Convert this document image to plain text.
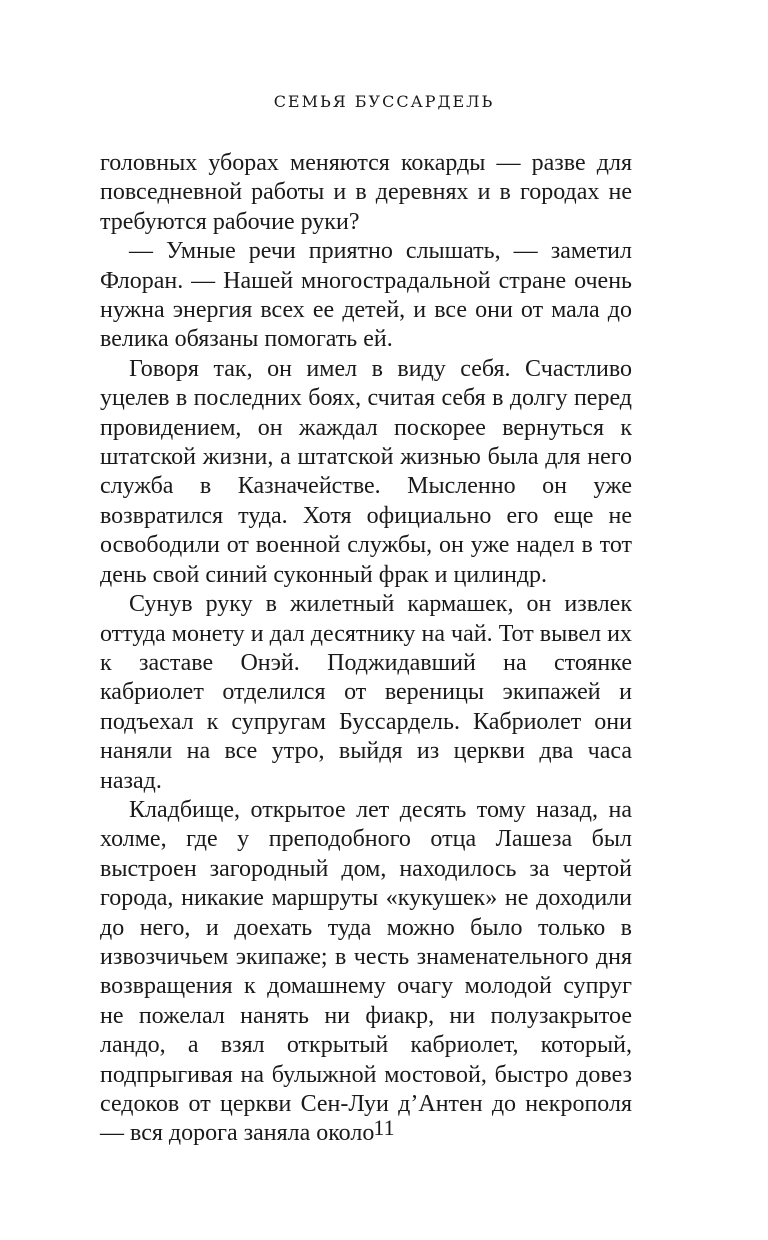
СЕМЬЯ БУССАРДЕЛЬ

головных уборах меняются кокарды — разве для повседневной работы и в деревнях и в городах не требуются рабочие руки?

— Умные речи приятно слышать, — заметил Флоран. — Нашей многострадальной стране очень нужна энергия всех ее детей, и все они от мала до велика обязаны помогать ей.

Говоря так, он имел в виду себя. Счастливо уцелев в последних боях, считая себя в долгу перед провидением, он жаждал поскорее вернуться к штатской жизни, а штатской жизнью была для него служба в Казначействе. Мысленно он уже возвратился туда. Хотя официально его еще не освободили от военной службы, он уже надел в тот день свой синий суконный фрак и цилиндр.

Сунув руку в жилетный кармашек, он извлек оттуда монету и дал десятнику на чай. Тот вывел их к заставе Онэй. Поджидавший на стоянке кабриолет отделился от вереницы экипажей и подъехал к супругам Буссардель. Кабриолет они наняли на все утро, выйдя из церкви два часа назад.

Кладбище, открытое лет десять тому назад, на холме, где у преподобного отца Лашеза был выстроен загородный дом, находилось за чертой города, никакие маршруты «кукушек» не доходили до него, и доехать туда можно было только в извозчичьем экипаже; в честь знаменательного дня возвращения к домашнему очагу молодой супруг не пожелал нанять ни фиакр, ни полузакрытое ландо, а взял открытый кабриолет, который, подпрыгивая на булыжной мостовой, быстро довез седоков от церкви Сен-Луи д’Антен до некрополя — вся дорога заняла около 11
